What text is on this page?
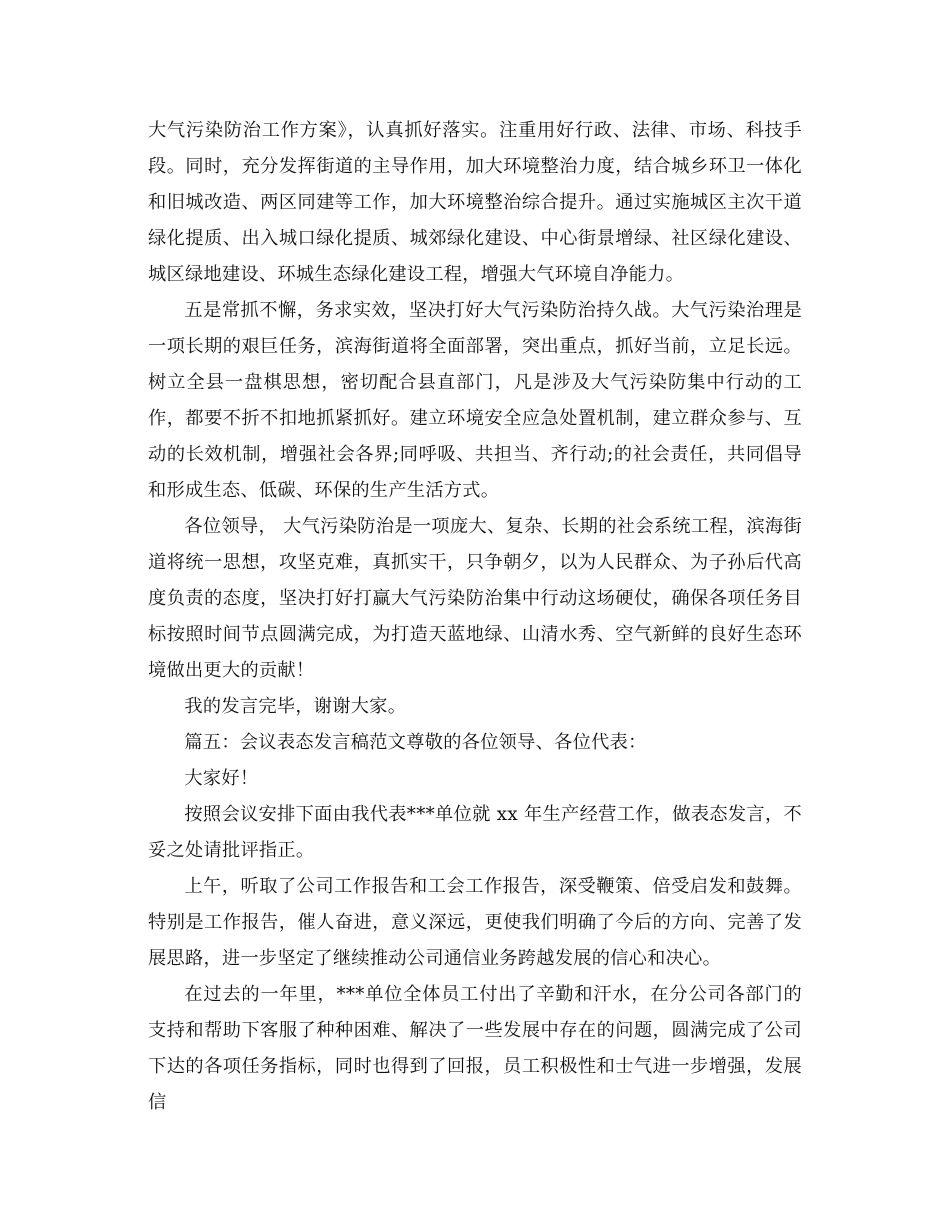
大气污染防治工作方案》，认真抓好落实。注重用好行政、法律、市场、科技手段。同时，充分发挥街道的主导作用，加大环境整治力度，结合城乡环卫一体化和旧城改造、两区同建等工作，加大环境整治综合提升。通过实施城区主次干道绿化提质、出入城口绿化提质、城郊绿化建设、中心街景增绿、社区绿化建设、城区绿地建设、环城生态绿化建设工程，增强大气环境自净能力。

五是常抓不懈，务求实效，坚决打好大气污染防治持久战。大气污染治理是一项长期的艰巨任务，滨海街道将全面部署，突出重点，抓好当前，立足长远。树立全县一盘棋思想，密切配合县直部门，凡是涉及大气污染防集中行动的工作，都要不折不扣地抓紧抓好。建立环境安全应急处置机制，建立群众参与、互动的长效机制，增强社会各界;同呼吸、共担当、齐行动;的社会责任，共同倡导和形成生态、低碳、环保的生产生活方式。

各位领导， 大气污染防治是一项庞大、复杂、长期的社会系统工程，滨海街道将统一思想，攻坚克难，真抓实干，只争朝夕，以为人民群众、为子孙后代高度负责的态度，坚决打好打赢大气污染防治集中行动这场硬仗，确保各项任务目标按照时间节点圆满完成，为打造天蓝地绿、山清水秀、空气新鲜的良好生态环境做出更大的贡献！

我的发言完毕，谢谢大家。

篇五：会议表态发言稿范文尊敬的各位领导、各位代表：

大家好！

按照会议安排下面由我代表***单位就 xx 年生产经营工作，做表态发言，不妥之处请批评指正。

上午，听取了公司工作报告和工会工作报告，深受鞭策、倍受启发和鼓舞。特别是工作报告，催人奋进，意义深远，更使我们明确了今后的方向、完善了发展思路，进一步坚定了继续推动公司通信业务跨越发展的信心和决心。

在过去的一年里，***单位全体员工付出了辛勤和汗水，在分公司各部门的支持和帮助下客服了种种困难、解决了一些发展中存在的问题，圆满完成了公司下达的各项任务指标，同时也得到了回报，员工积极性和士气进一步增强，发展信
